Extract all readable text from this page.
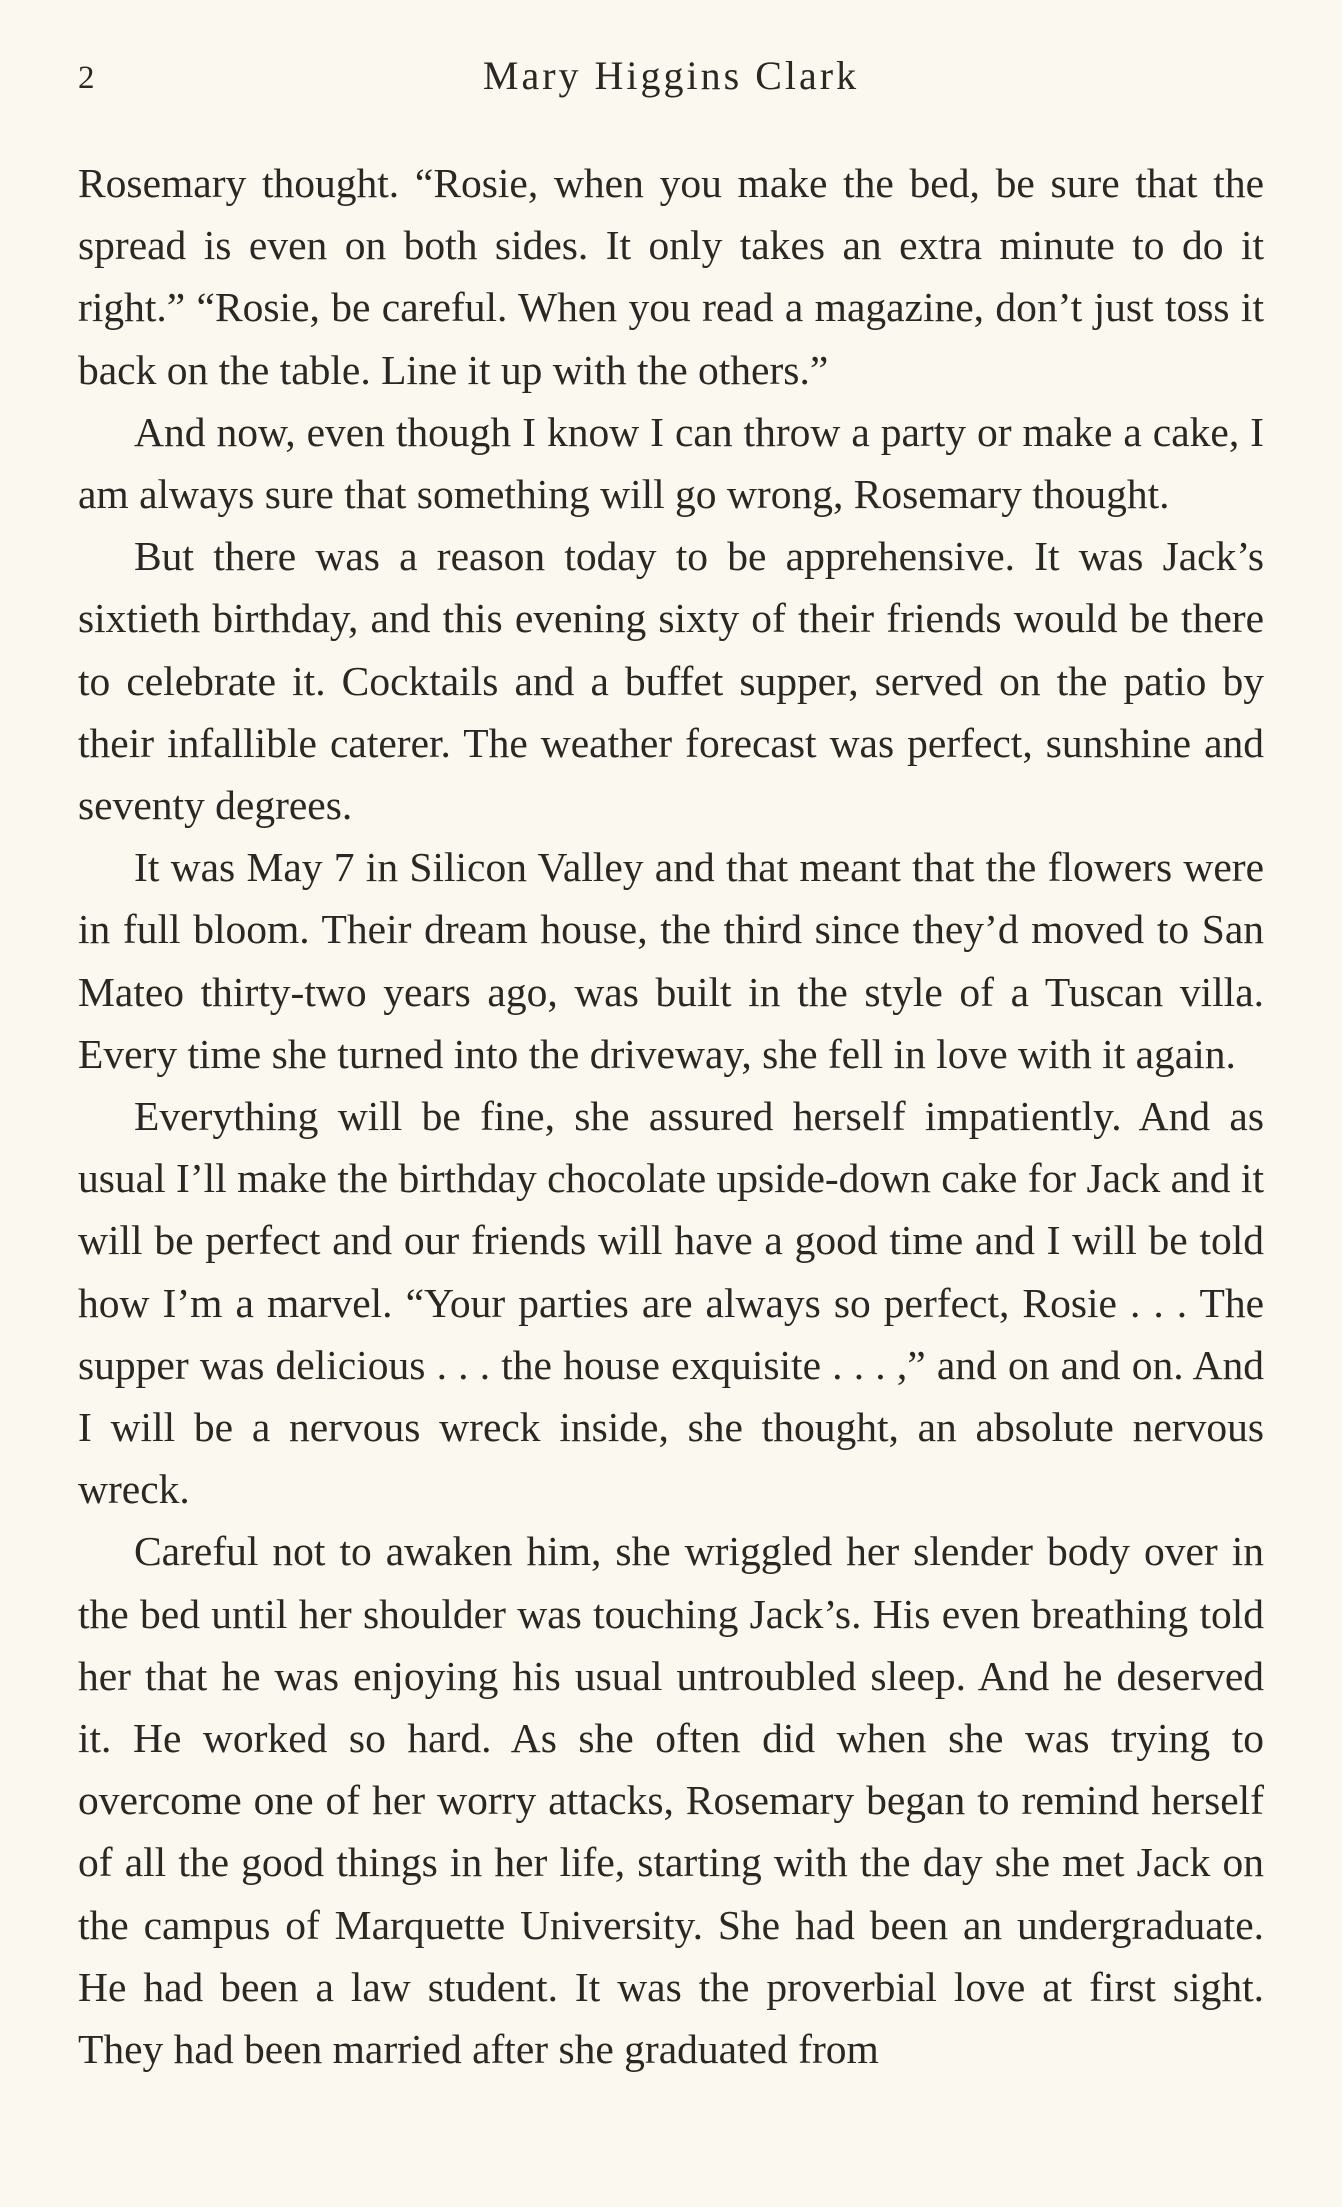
2	Mary Higgins Clark

Rosemary thought. “Rosie, when you make the bed, be sure that the spread is even on both sides. It only takes an extra minute to do it right.” “Rosie, be careful. When you read a magazine, don’t just toss it back on the table. Line it up with the others.”

And now, even though I know I can throw a party or make a cake, I am always sure that something will go wrong, Rosemary thought.

But there was a reason today to be apprehensive. It was Jack’s sixtieth birthday, and this evening sixty of their friends would be there to celebrate it. Cocktails and a buffet supper, served on the patio by their infallible caterer. The weather forecast was perfect, sunshine and seventy degrees.

It was May 7 in Silicon Valley and that meant that the flowers were in full bloom. Their dream house, the third since they’d moved to San Mateo thirty-two years ago, was built in the style of a Tuscan villa. Every time she turned into the driveway, she fell in love with it again.

Everything will be fine, she assured herself impatiently. And as usual I’ll make the birthday chocolate upside-down cake for Jack and it will be perfect and our friends will have a good time and I will be told how I’m a marvel. “Your parties are always so perfect, Rosie . . . The supper was delicious . . . the house exquisite . . . ,” and on and on. And I will be a nervous wreck inside, she thought, an absolute nervous wreck.

Careful not to awaken him, she wriggled her slender body over in the bed until her shoulder was touching Jack’s. His even breathing told her that he was enjoying his usual untroubled sleep. And he deserved it. He worked so hard. As she often did when she was trying to overcome one of her worry attacks, Rosemary began to remind herself of all the good things in her life, starting with the day she met Jack on the campus of Marquette University. She had been an undergraduate. He had been a law student. It was the proverbial love at first sight. They had been married after she graduated from
